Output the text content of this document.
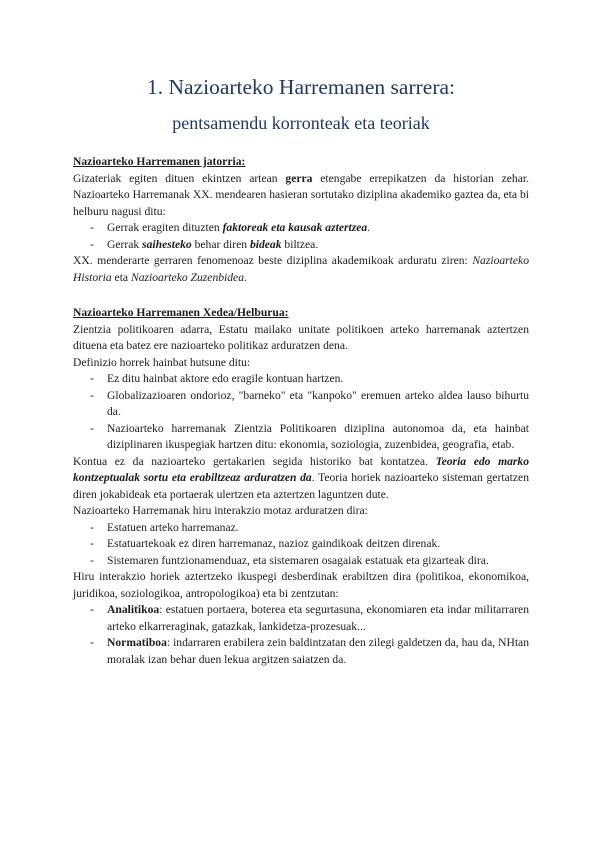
1. Nazioarteko Harremanen sarrera:
pentsamendu korronteak eta teoriak
Nazioarteko Harremanen jatorria:

Gizateriak egiten dituen ekintzen artean gerra etengabe errepikatzen da historian zehar. Nazioarteko Harremanak XX. mendearen hasieran sortutako diziplina akademiko gaztea da, eta bi helburu nagusi ditu:

- Gerrak eragiten dituzten faktoreak eta kausak aztertzea.
- Gerrak saihesteko behar diren bideak biltzea.

XX. menderarte gerraren fenomenoaz beste diziplina akademikoak arduratu ziren: Nazioarteko Historia eta Nazioarteko Zuzenbidea.

Nazioarteko Harremanen Xedea/Helburua:

Zientzia politikoaren adarra, Estatu mailako unitate politikoen arteko harremanak aztertzen dituena eta batez ere nazioarteko politikaz arduratzen dena.

Definizio horrek hainbat hutsune ditu:

- Ez ditu hainbat aktore edo eragile kontuan hartzen.
- Globalizazioaren ondorioz, "barneko" eta "kanpoko" eremuen arteko aldea lauso bihurtu da.
- Nazioarteko harremanak Zientzia Politikoaren diziplina autonomoa da, eta hainbat diziplinaren ikuspegiak hartzen ditu: ekonomia, soziologia, zuzenbidea, geografia, etab.

Kontua ez da nazioarteko gertakarien segida historiko bat kontatzea. Teoria edo marko kontzeptualak sortu eta erabiltzeaz arduratzen da. Teoria horiek nazioarteko sisteman gertatzen diren jokabideak eta portaerak ulertzen eta aztertzen laguntzen dute.

Nazioarteko Harremanak hiru interakzio motaz arduratzen dira:

- Estatuen arteko harremanaz.
- Estatuartekoak ez diren harremanaz, nazioz gaindikoak deitzen direnak.
- Sistemaren funtzionamenduaz, eta sistemaren osagaiak estatuak eta gizarteak dira.

Hiru interakzio horiek aztertzeko ikuspegi desberdinak erabiltzen dira (politikoa, ekonomikoa, juridikoa, soziologikoa, antropologikoa) eta bi zentzutan:

- Analitikoa: estatuen portaera, boterea eta segurtasuna, ekonomiaren eta indar militarraren arteko elkarreraginak, gatazkak, lankidetza-prozesuak...
- Normatiboa: indarraren erabilera zein baldintzatan den zilegi galdetzen da, hau da, NHtan moralak izan behar duen lekua argitzen saiatzen da.
